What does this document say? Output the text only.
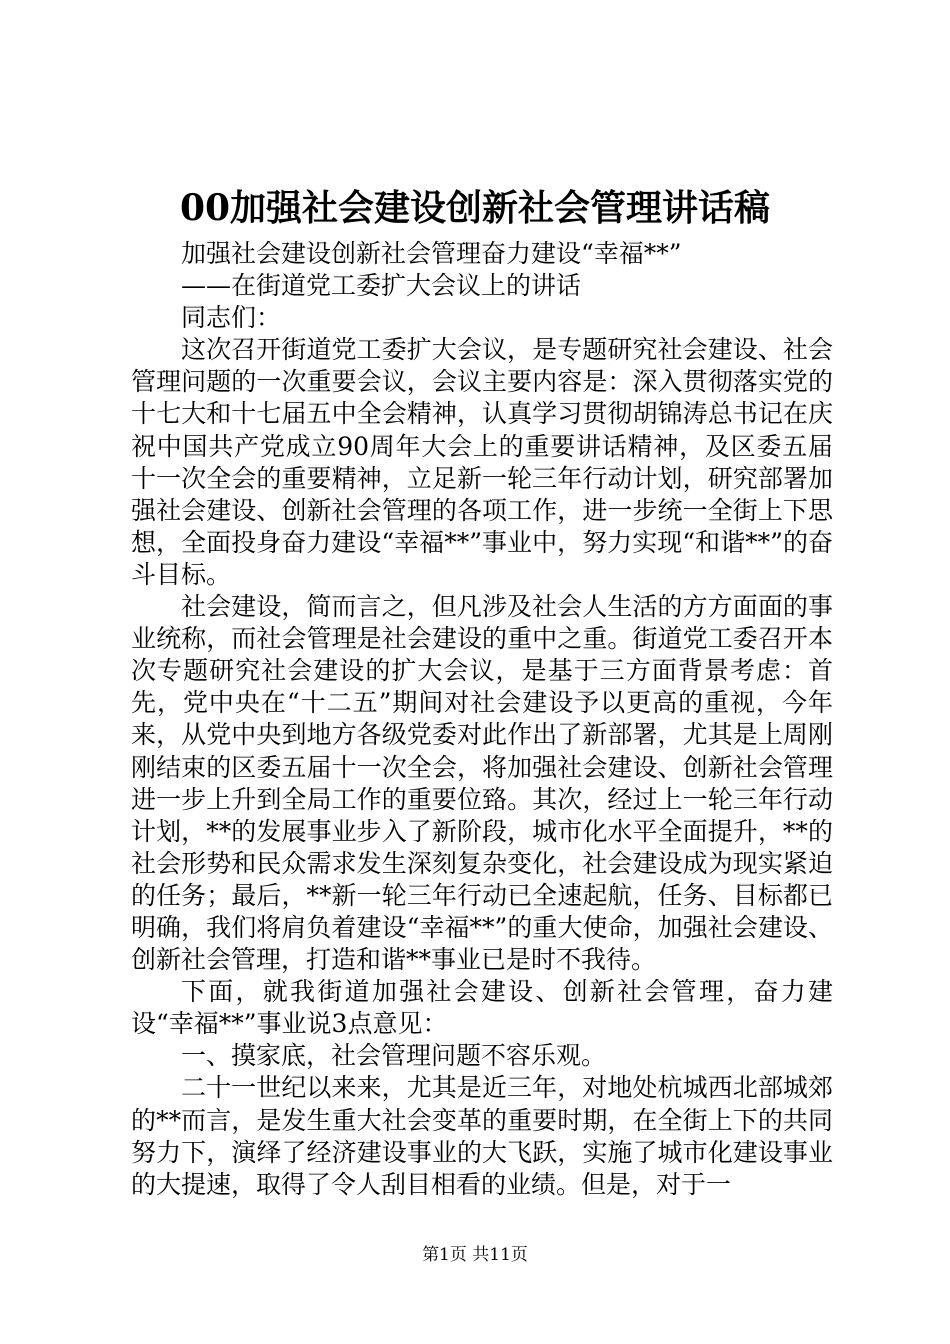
00加强社会建设创新社会管理讲话稿

加强社会建设创新社会管理奋力建设“幸福**”

——在街道党工委扩大会议上的讲话

同志们：

这次召开街道党工委扩大会议，是专题研究社会建设、社会管理问题的一次重要会议，会议主要内容是：深入贯彻落实党的十七大和十七届五中全会精神，认真学习贯彻胡锦涛总书记在庆祝中国共产党成立90周年大会上的重要讲话精神，及区委五届十一次全会的重要精神，立足新一轮三年行动计划，研究部署加强社会建设、创新社会管理的各项工作，进一步统一全街上下思想，全面投身奋力建设“幸福**”事业中，努力实现“和谐**”的奋斗目标。

社会建设，简而言之，但凡涉及社会人生活的方方面面的事业统称，而社会管理是社会建设的重中之重。街道党工委召开本次专题研究社会建设的扩大会议，是基于三方面背景考虑：首先，党中央在“十二五”期间对社会建设予以更高的重视，今年来，从党中央到地方各级党委对此作出了新部署，尤其是上周刚刚结束的区委五届十一次全会，将加强社会建设、创新社会管理进一步上升到全局工作的重要位臵。其次，经过上一轮三年行动计划，**的发展事业步入了新阶段，城市化水平全面提升，**的社会形势和民众需求发生深刻复杂变化，社会建设成为现实紧迫的任务；最后，**新一轮三年行动已全速起航，任务、目标都已明确，我们将肩负着建设“幸福**”的重大使命，加强社会建设、创新社会管理，打造和谐**事业已是时不我待。

下面，就我街道加强社会建设、创新社会管理，奋力建设“幸福**”事业说3点意见：

一、摸家底，社会管理问题不容乐观。

二十一世纪以来来，尤其是近三年，对地处杭城西北部城郊的**而言，是发生重大社会变革的重要时期，在全街上下的共同努力下，演绎了经济建设事业的大飞跃，实施了城市化建设事业的大提速，取得了令人刮目相看的业绩。但是，对于一

第1页 共11页
